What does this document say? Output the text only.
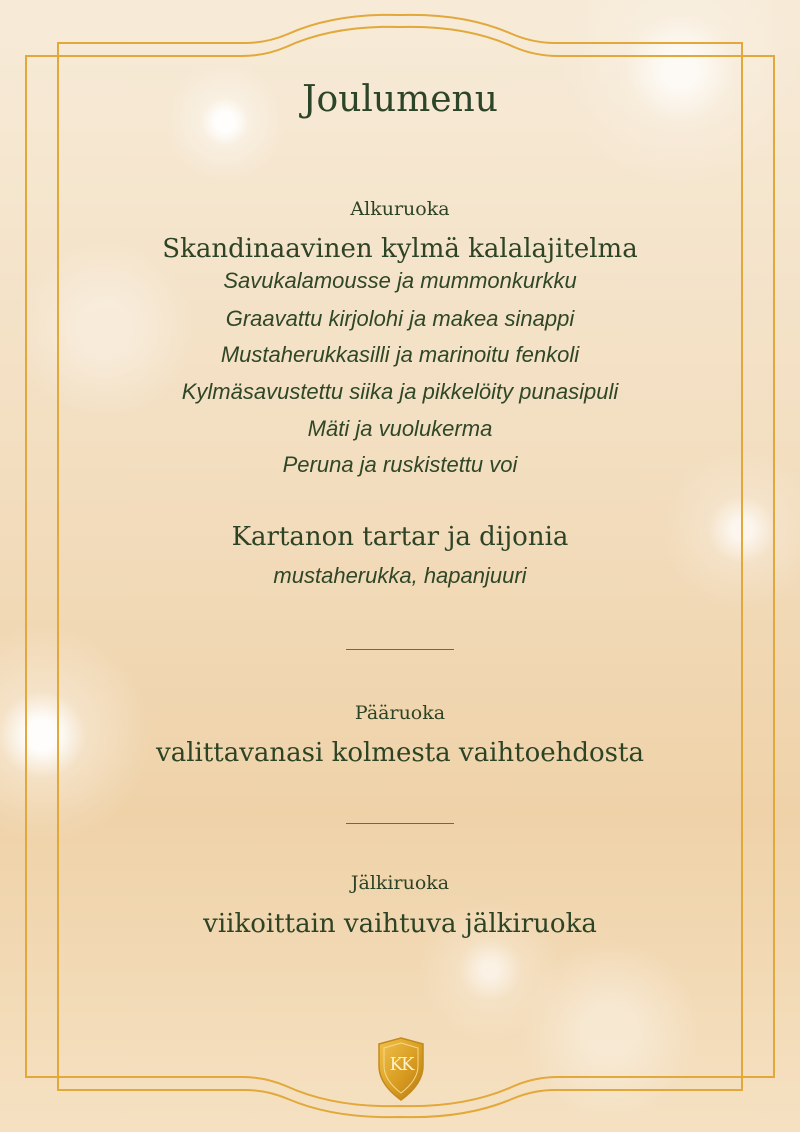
Joulumenu
Alkuruoka
Skandinaavinen kylmä kalalajitelma
Savukalamousse ja mummonkurkku
Graavattu kirjolohi ja makea sinappi
Mustaherukkasilli ja marinoitu fenkoli
Kylmäsavustettu siika ja pikkelöity punasipuli
Mäti ja vuolukerma
Peruna ja ruskistettu voi
Kartanon tartar ja dijonia
mustaherukka, hapanjuuri
Pääruoka
valittavanasi kolmesta vaihtoehdosta
Jälkiruoka
viikoittain vaihtuva jälkiruoka
KK
